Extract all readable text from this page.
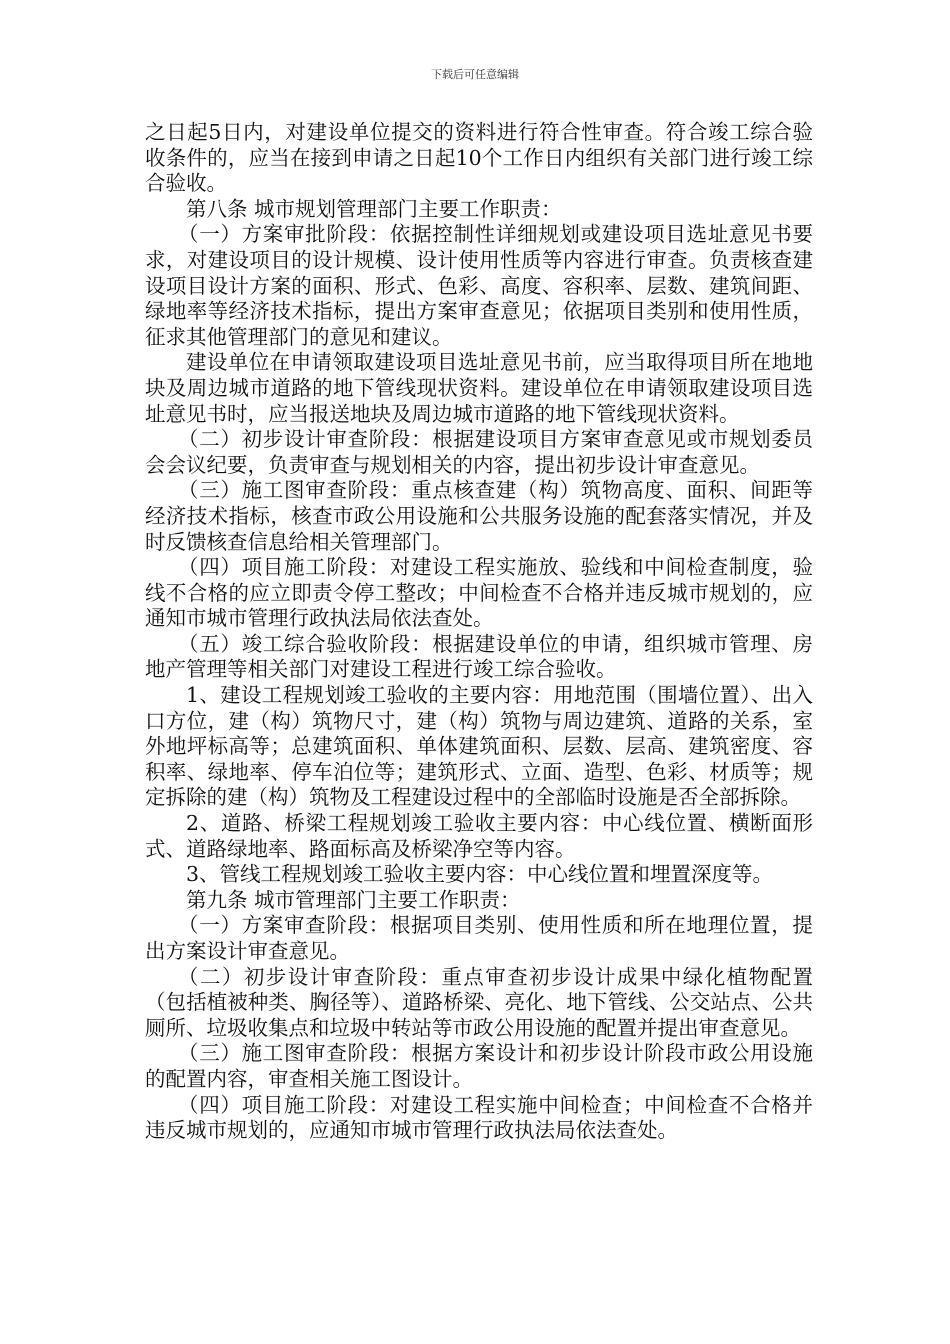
下载后可任意编辑

之日起5日内，对建设单位提交的资料进行符合性审查。符合竣工综合验收条件的，应当在接到申请之日起10个工作日内组织有关部门进行竣工综合验收。

第八条 城市规划管理部门主要工作职责：

（一）方案审批阶段：依据控制性详细规划或建设项目选址意见书要求，对建设项目的设计规模、设计使用性质等内容进行审查。负责核查建设项目设计方案的面积、形式、色彩、高度、容积率、层数、建筑间距、绿地率等经济技术指标，提出方案审查意见；依据项目类别和使用性质，征求其他管理部门的意见和建议。

建设单位在申请领取建设项目选址意见书前，应当取得项目所在地地块及周边城市道路的地下管线现状资料。建设单位在申请领取建设项目选址意见书时，应当报送地块及周边城市道路的地下管线现状资料。

（二）初步设计审查阶段：根据建设项目方案审查意见或市规划委员会会议纪要，负责审查与规划相关的内容，提出初步设计审查意见。

（三）施工图审查阶段：重点核查建（构）筑物高度、面积、间距等经济技术指标，核查市政公用设施和公共服务设施的配套落实情况，并及时反馈核查信息给相关管理部门。

（四）项目施工阶段：对建设工程实施放、验线和中间检查制度，验线不合格的应立即责令停工整改；中间检查不合格并违反城市规划的，应通知市城市管理行政执法局依法查处。

（五）竣工综合验收阶段：根据建设单位的申请，组织城市管理、房地产管理等相关部门对建设工程进行竣工综合验收。

1、建设工程规划竣工验收的主要内容：用地范围（围墙位置）、出入口方位，建（构）筑物尺寸，建（构）筑物与周边建筑、道路的关系，室外地坪标高等；总建筑面积、单体建筑面积、层数、层高、建筑密度、容积率、绿地率、停车泊位等；建筑形式、立面、造型、色彩、材质等；规定拆除的建（构）筑物及工程建设过程中的全部临时设施是否全部拆除。

2、道路、桥梁工程规划竣工验收主要内容：中心线位置、横断面形式、道路绿地率、路面标高及桥梁净空等内容。

3、管线工程规划竣工验收主要内容：中心线位置和埋置深度等。

第九条 城市管理部门主要工作职责：

（一）方案审查阶段：根据项目类别、使用性质和所在地理位置，提出方案设计审查意见。

（二）初步设计审查阶段：重点审查初步设计成果中绿化植物配置（包括植被种类、胸径等）、道路桥梁、亮化、地下管线、公交站点、公共厕所、垃圾收集点和垃圾中转站等市政公用设施的配置并提出审查意见。

（三）施工图审查阶段：根据方案设计和初步设计阶段市政公用设施的配置内容，审查相关施工图设计。

（四）项目施工阶段：对建设工程实施中间检查；中间检查不合格并违反城市规划的，应通知市城市管理行政执法局依法查处。
